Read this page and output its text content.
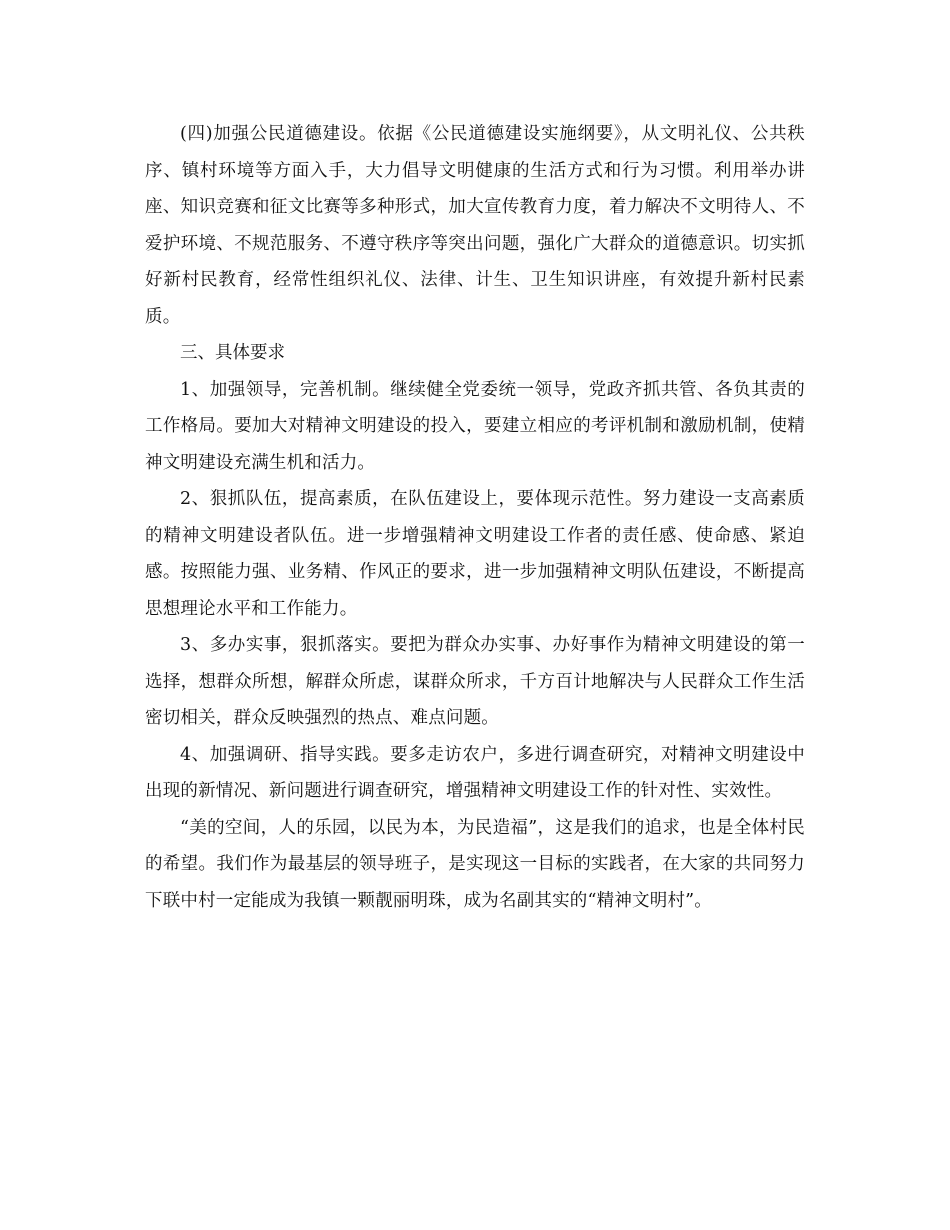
(四)加强公民道德建设。依据《公民道德建设实施纲要》，从文明礼仪、公共秩序、镇村环境等方面入手，大力倡导文明健康的生活方式和行为习惯。利用举办讲座、知识竞赛和征文比赛等多种形式，加大宣传教育力度，着力解决不文明待人、不爱护环境、不规范服务、不遵守秩序等突出问题，强化广大群众的道德意识。切实抓好新村民教育，经常性组织礼仪、法律、计生、卫生知识讲座，有效提升新村民素质。

三、具体要求

1、加强领导，完善机制。继续健全党委统一领导，党政齐抓共管、各负其责的工作格局。要加大对精神文明建设的投入，要建立相应的考评机制和激励机制，使精神文明建设充满生机和活力。

2、狠抓队伍，提高素质，在队伍建设上，要体现示范性。努力建设一支高素质的精神文明建设者队伍。进一步增强精神文明建设工作者的责任感、使命感、紧迫感。按照能力强、业务精、作风正的要求，进一步加强精神文明队伍建设，不断提高思想理论水平和工作能力。

3、多办实事，狠抓落实。要把为群众办实事、办好事作为精神文明建设的第一选择，想群众所想，解群众所虑，谋群众所求，千方百计地解决与人民群众工作生活密切相关，群众反映强烈的热点、难点问题。

4、加强调研、指导实践。要多走访农户，多进行调查研究，对精神文明建设中出现的新情况、新问题进行调查研究，增强精神文明建设工作的针对性、实效性。

“美的空间，人的乐园，以民为本，为民造福”，这是我们的追求，也是全体村民的希望。我们作为最基层的领导班子，是实现这一目标的实践者，在大家的共同努力下联中村一定能成为我镇一颗靓丽明珠，成为名副其实的“精神文明村”。
